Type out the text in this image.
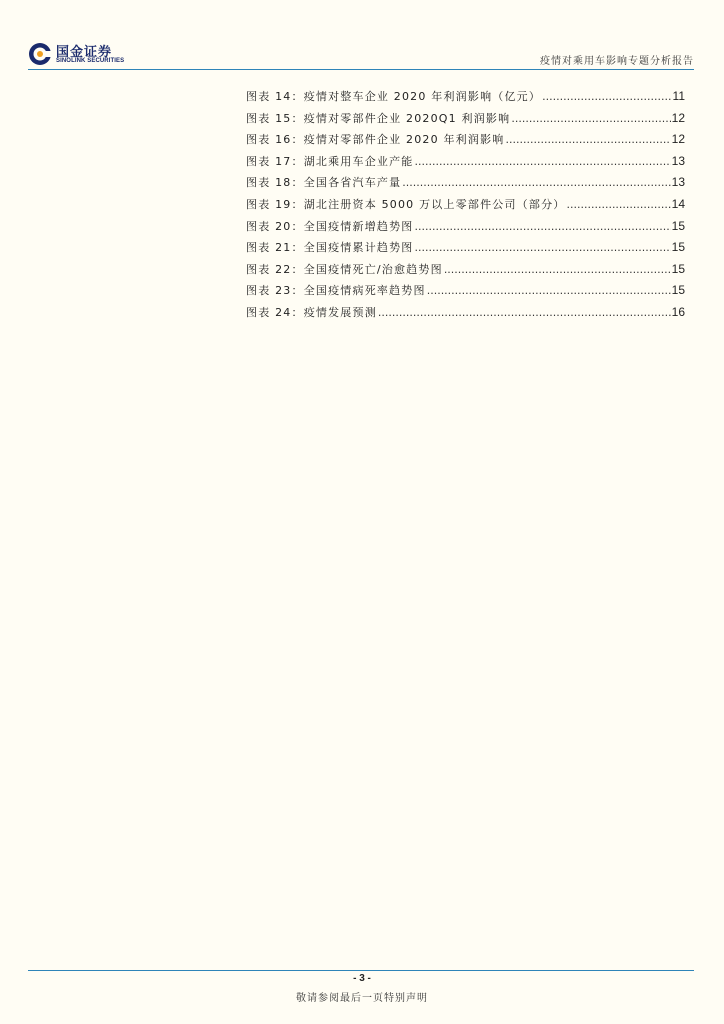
国金证券
SINOLINK SECURITIES	疫情对乘用车影响专题分析报告
图表 14：疫情对整车企业 2020 年利润影响（亿元） .....	11
图表 15：疫情对零部件企业 2020Q1 利润影响 .....	12
图表 16：疫情对零部件企业 2020 年利润影响 .....	12
图表 17：湖北乘用车企业产能 .....	13
图表 18：全国各省汽车产量 .....	13
图表 19：湖北注册资本 5000 万以上零部件公司（部分） .....	14
图表 20：全国疫情新增趋势图 .....	15
图表 21：全国疫情累计趋势图 .....	15
图表 22：全国疫情死亡/治愈趋势图 .....	15
图表 23：全国疫情病死率趋势图 .....	15
图表 24：疫情发展预测 .....	16
- 3 -
敬请参阅最后一页特别声明
